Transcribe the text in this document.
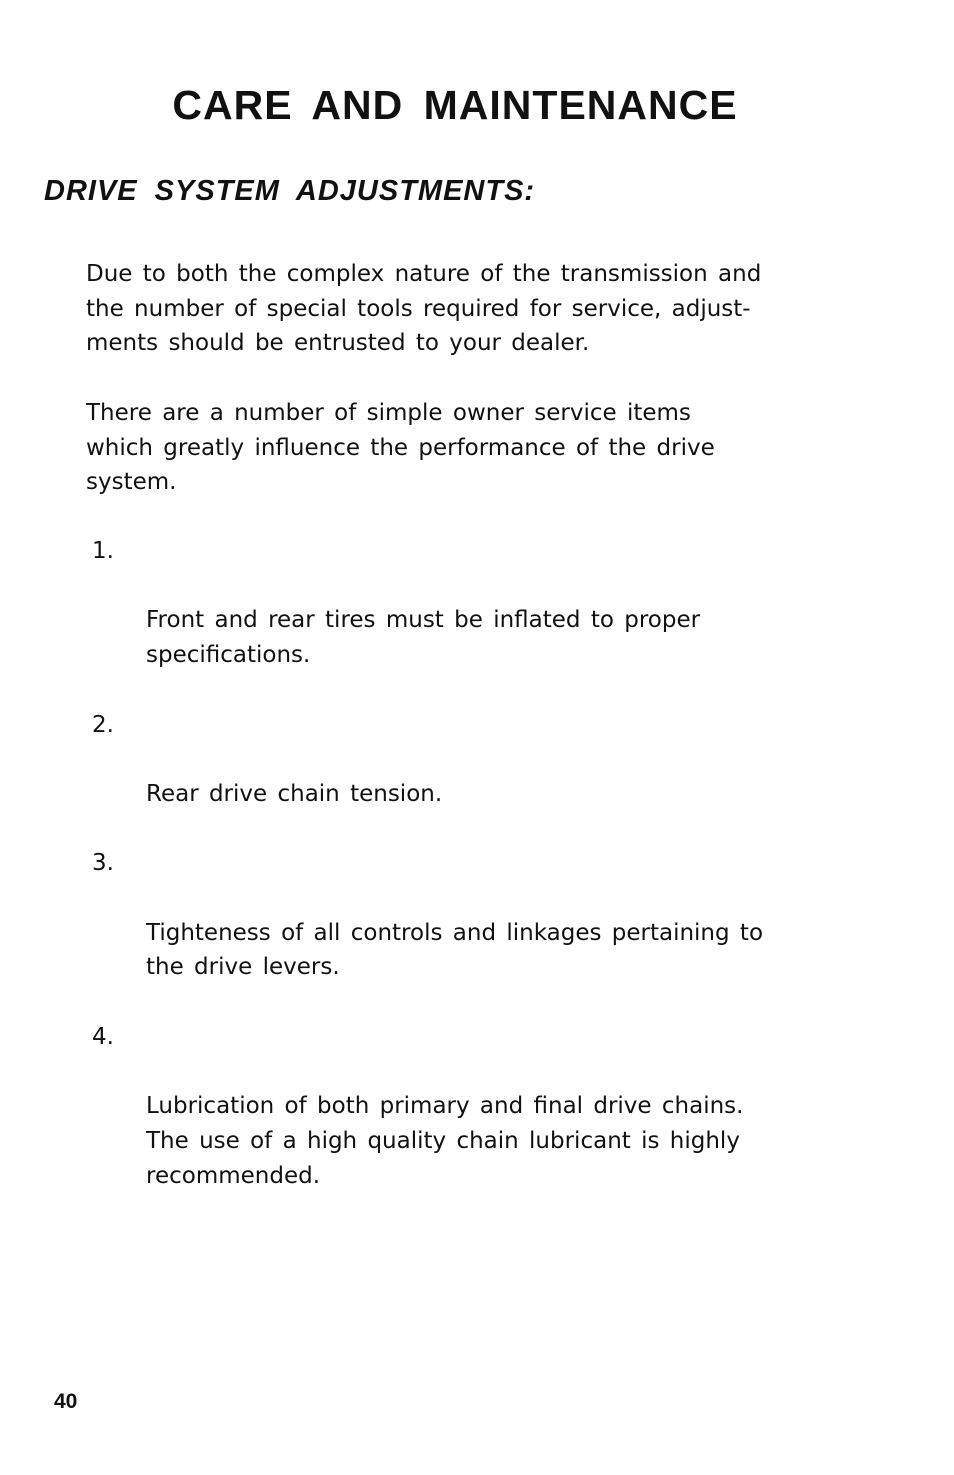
CARE AND MAINTENANCE
DRIVE SYSTEM ADJUSTMENTS:

Due to both the complex nature of the transmission and
the number of special tools required for service, adjust-
ments should be entrusted to your dealer.

There are a number of simple owner service items
which greatly influence the performance of the drive
system.

1.

Front and rear tires must be inflated to proper
specifications.

2.

Rear drive chain tension.

3.

Tighteness of all controls and linkages pertaining to
the drive levers.

4.

Lubrication of both primary and final drive chains.
The use of a high quality chain lubricant is highly
recommended.

40
